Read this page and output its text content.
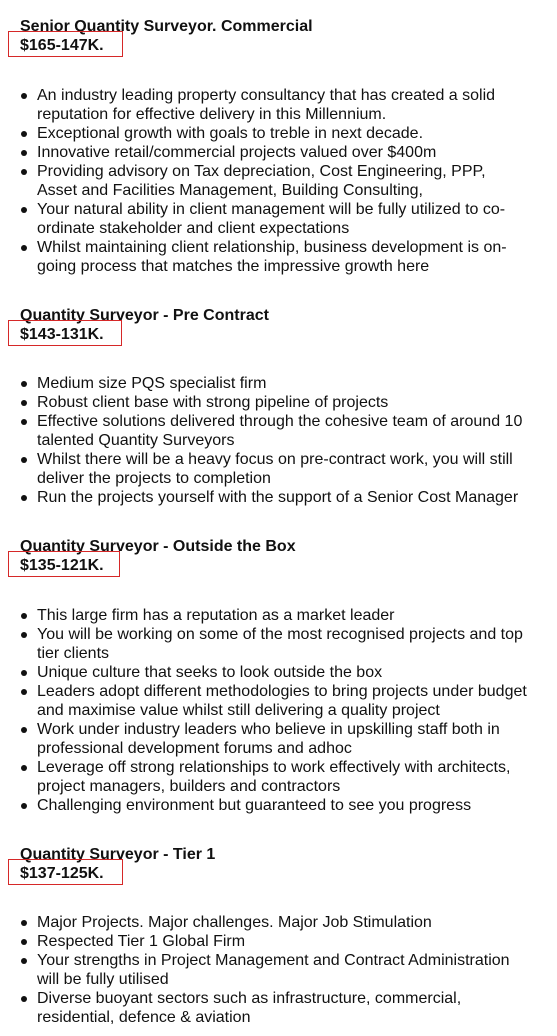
Senior Quantity Surveyor. Commercial
$165-147K.
An industry leading property consultancy that has created a solid reputation for effective delivery in this Millennium.
Exceptional growth with goals to treble in next decade.
Innovative retail/commercial projects valued over $400m
Providing advisory on Tax depreciation, Cost Engineering, PPP, Asset and Facilities Management, Building Consulting,
Your natural ability in client management will be fully utilized to co-ordinate stakeholder and client expectations
Whilst maintaining client relationship, business development is on-going process that matches the impressive growth here
Quantity Surveyor - Pre Contract
$143-131K.
Medium size PQS specialist firm
Robust client base with strong pipeline of projects
Effective solutions delivered through the cohesive team of around 10 talented Quantity Surveyors
Whilst there will be a heavy focus on pre-contract work, you will still deliver the projects to completion
Run the projects yourself with the support of a Senior Cost Manager
Quantity Surveyor - Outside the Box
$135-121K.
This large firm has a reputation as a market leader
You will be working on some of the most recognised projects and top tier clients
Unique culture that seeks to look outside the box
Leaders adopt different methodologies to bring projects under budget and maximise value whilst still delivering a quality project
Work under industry leaders who believe in upskilling staff both in professional development forums and adhoc
Leverage off strong relationships to work effectively with architects, project managers, builders and contractors
Challenging environment but guaranteed to see you progress
Quantity Surveyor - Tier 1
$137-125K.
Major Projects. Major challenges. Major Job Stimulation
Respected Tier 1 Global Firm
Your strengths in Project Management and Contract Administration will be fully utilised
Diverse buoyant sectors such as infrastructure, commercial, residential, defence & aviation
